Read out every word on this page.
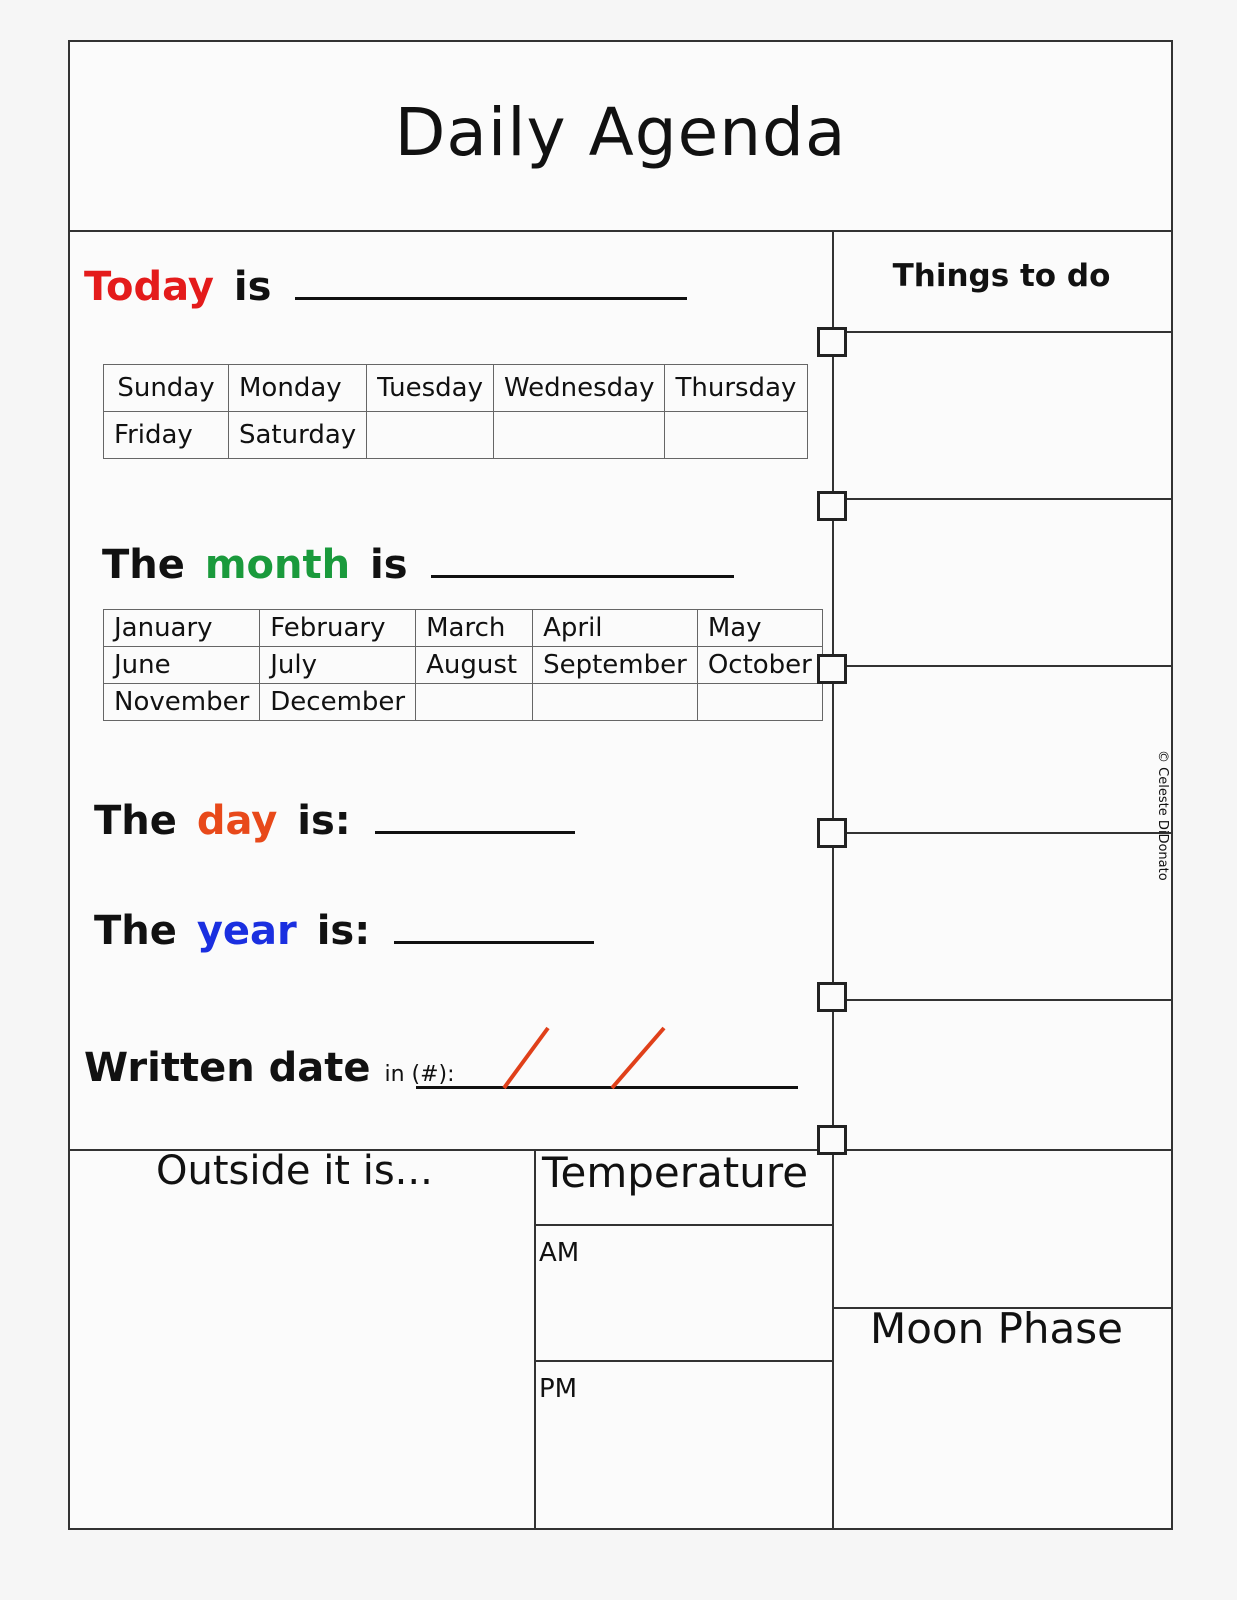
Daily Agenda
Today is
Sunday	Monday	Tuesday	Wednesday	Thursday
Friday	Saturday			
The month is
January	February	March	April	May
June	July	August	September	October
November	December			
The day is:
The year is:
Written date in (#):
Things to do
Outside it is...	Temperature
AM
PM
Moon Phase
© Celeste DiDonato
